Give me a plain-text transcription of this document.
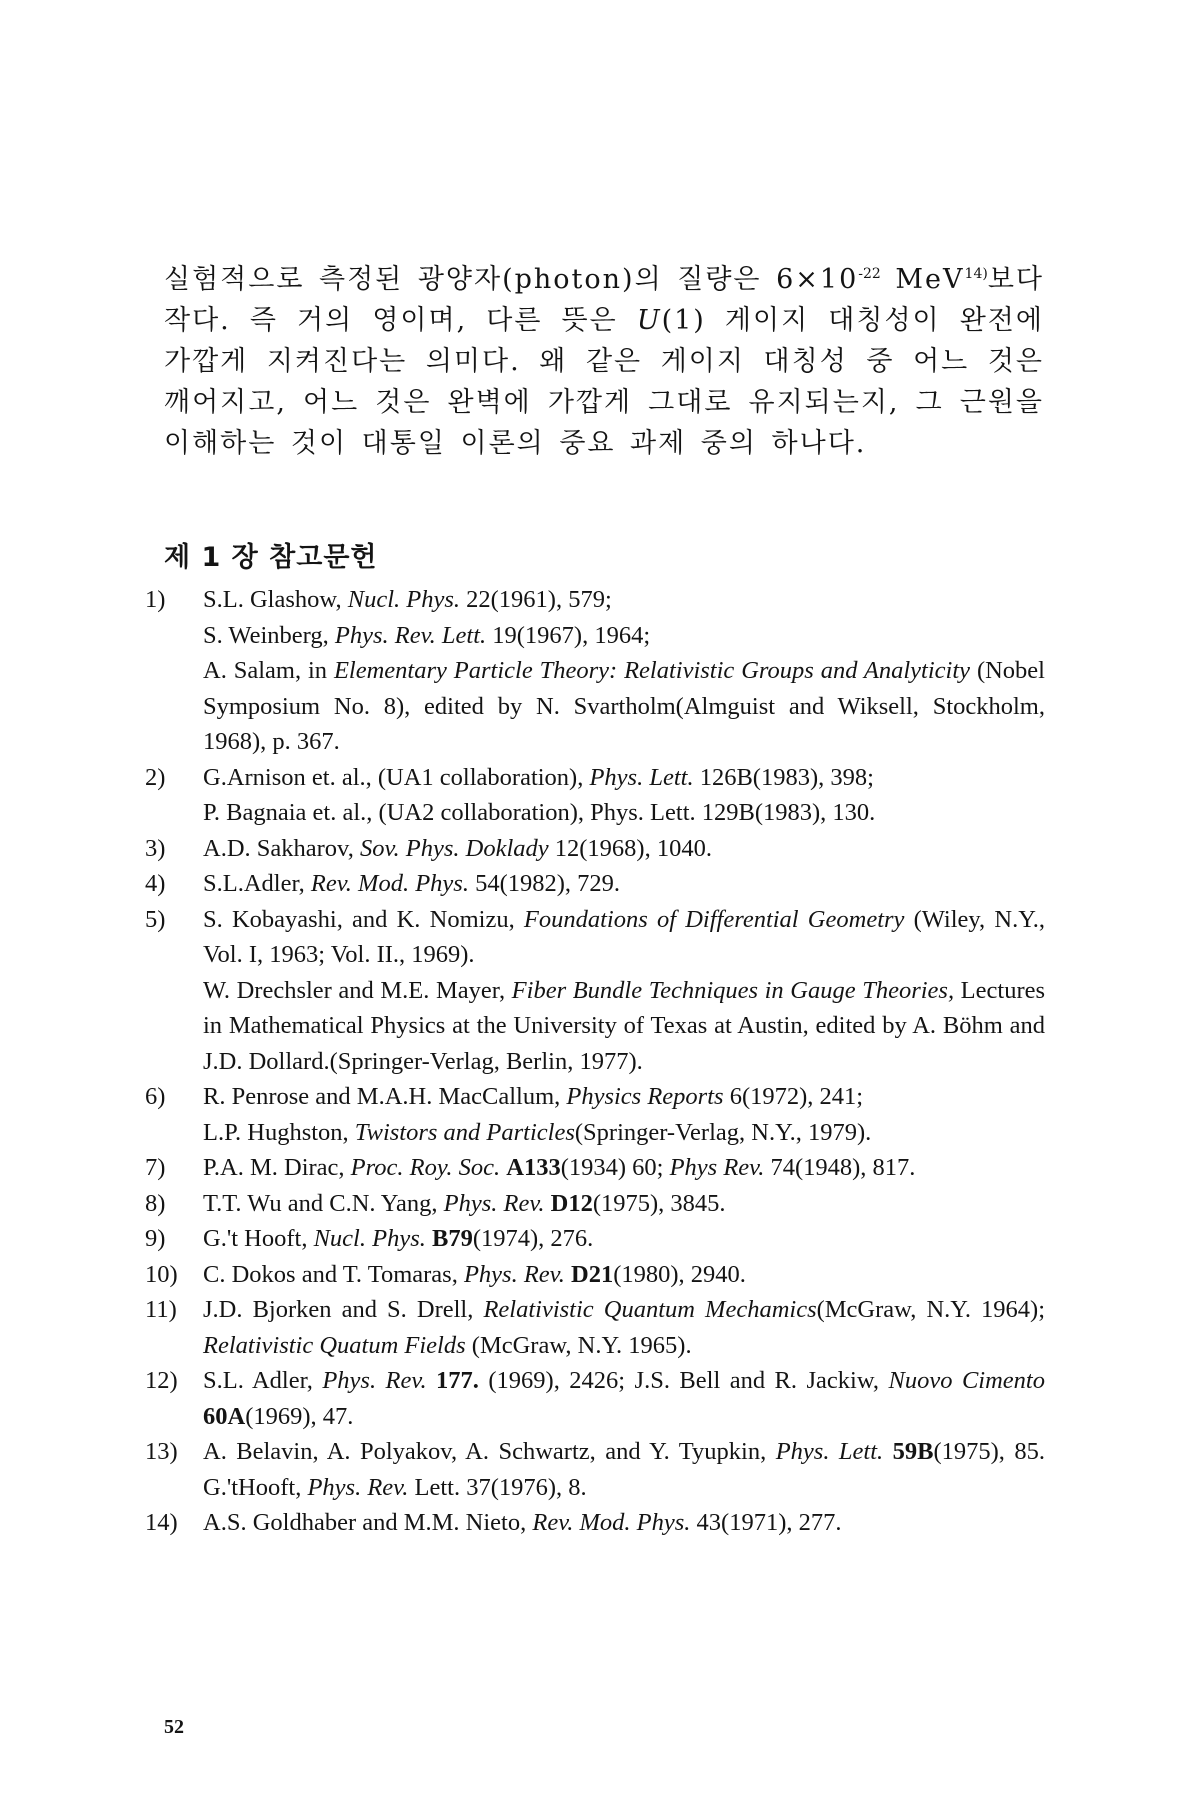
실험적으로 측정된 광양자(photon)의 질량은 $6\times 10^{-22}$ MeV$^{14)}$보다 작다. 즉 거의 영이며, 다른 뜻은 U(1) 게이지 대칭성이 완전에 가깝게 지켜진다는 의미다. 왜 같은 게이지 대칭성 중 어느 것은 깨어지고, 어느 것은 완벽에 가깝게 그대로 유지되는지, 그 근원을 이해하는 것이 대통일 이론의 중요 과제 중의 하나다.

제 1 장 참고문헌
1)	S.L. Glashow, Nucl. Phys. 22(1961), 579;
S. Weinberg, Phys. Rev. Lett. 19(1967), 1964;
A. Salam, in Elementary Particle Theory: Relativistic Groups and Analyticity (Nobel Symposium No. 8), edited by N. Svartholm(Almguist and Wiksell, Stockholm, 1968), p. 367.
2)	G.Arnison et. al., (UA1 collaboration), Phys. Lett. 126B(1983), 398;
P. Bagnaia et. al., (UA2 collaboration), Phys. Lett. 129B(1983), 130.
3)	A.D. Sakharov, Sov. Phys. Doklady 12(1968), 1040.
4)	S.L.Adler, Rev. Mod. Phys. 54(1982), 729.
5)	S. Kobayashi, and K. Nomizu, Foundations of Differential Geometry (Wiley, N.Y., Vol. I, 1963; Vol. II., 1969).
W. Drechsler and M.E. Mayer, Fiber Bundle Techniques in Gauge Theories, Lectures in Mathematical Physics at the University of Texas at Austin, edited by A. Böhm and J.D. Dollard.(Springer-Verlag, Berlin, 1977).
6)	R. Penrose and M.A.H. MacCallum, Physics Reports 6(1972), 241;
L.P. Hughston, Twistors and Particles(Springer-Verlag, N.Y., 1979).
7)	P.A. M. Dirac, Proc. Roy. Soc. A133(1934) 60; Phys Rev. 74(1948), 817.
8)	T.T. Wu and C.N. Yang, Phys. Rev. D12(1975), 3845.
9)	G.'t Hooft, Nucl. Phys. B79(1974), 276.
10)	C. Dokos and T. Tomaras, Phys. Rev. D21(1980), 2940.
11)	J.D. Bjorken and S. Drell, Relativistic Quantum Mechamics(McGraw, N.Y. 1964); Relativistic Quatum Fields (McGraw, N.Y. 1965).
12)	S.L. Adler, Phys. Rev. 177. (1969), 2426; J.S. Bell and R. Jackiw, Nuovo Cimento 60A(1969), 47.
13)	A. Belavin, A. Polyakov, A. Schwartz, and Y. Tyupkin, Phys. Lett. 59B(1975), 85. G.'tHooft, Phys. Rev. Lett. 37(1976), 8.
14)	A.S. Goldhaber and M.M. Nieto, Rev. Mod. Phys. 43(1971), 277.
52
